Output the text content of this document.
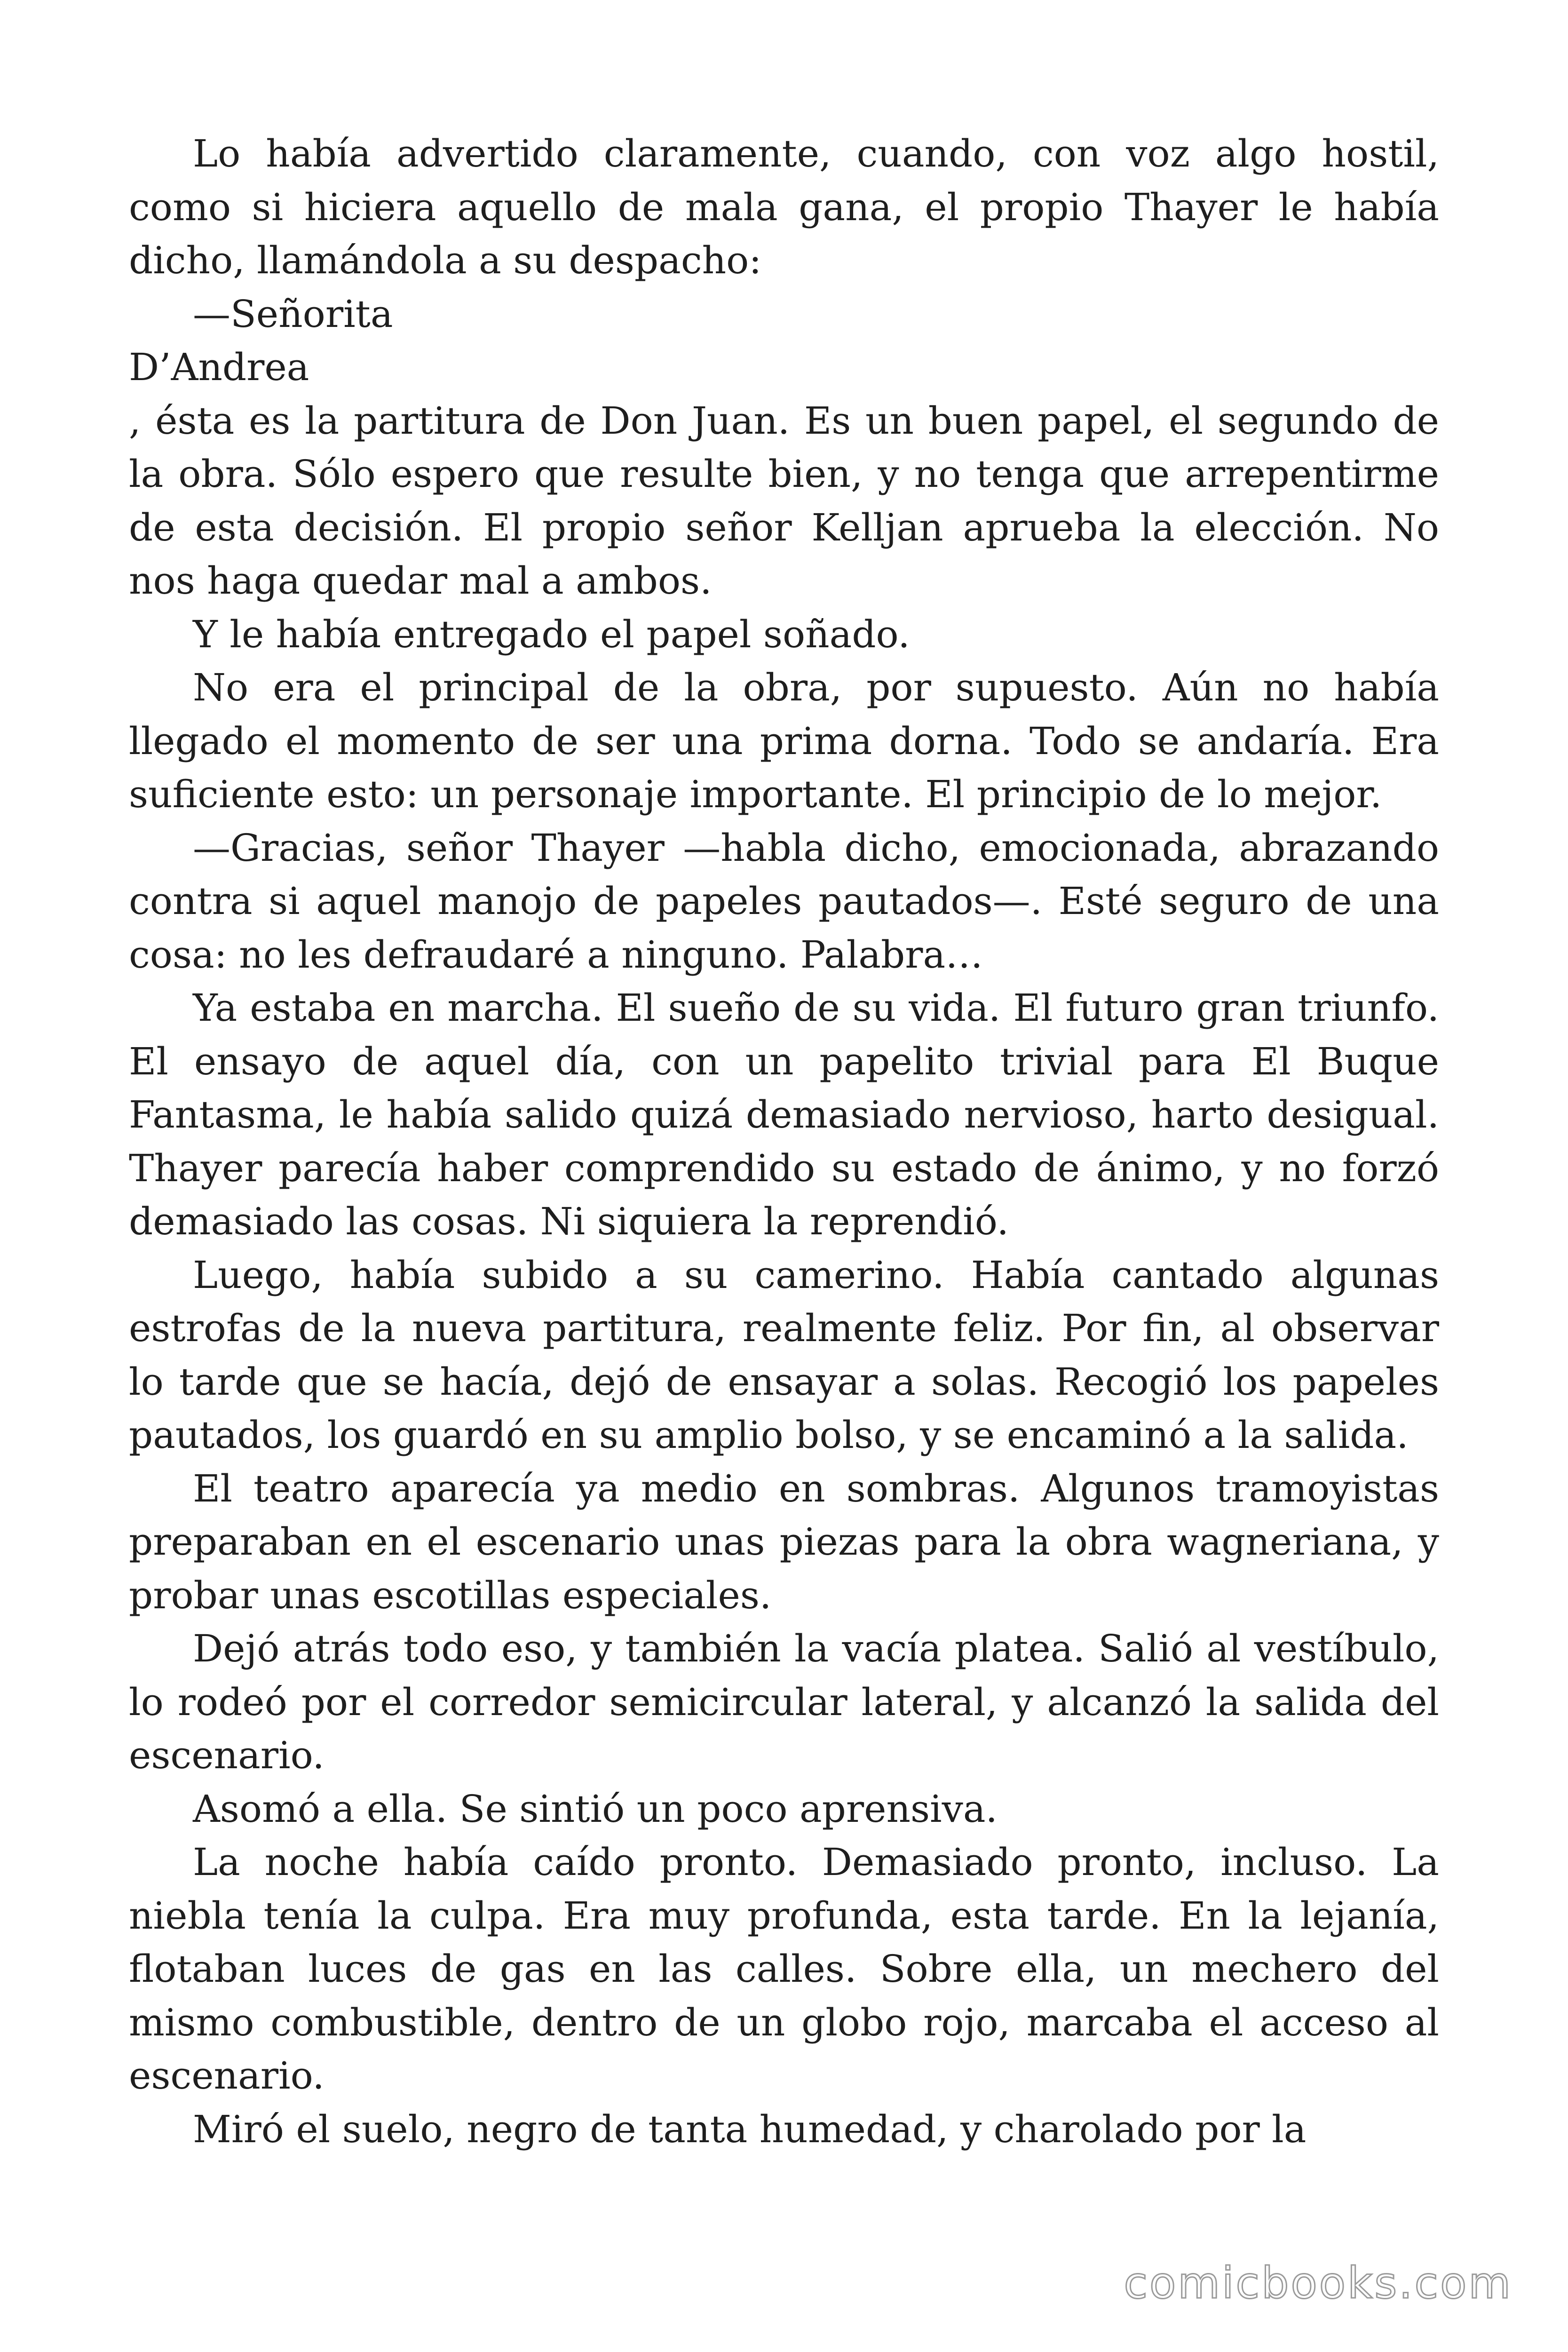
Lo había advertido claramente, cuando, con voz algo hostil, como si hiciera aquello de mala gana, el propio Thayer le había dicho, llamándola a su despacho:

—Señorita

D’Andrea

, ésta es la partitura de Don Juan. Es un buen papel, el segundo de la obra. Sólo espero que resulte bien, y no tenga que arrepentirme de esta decisión. El propio señor Kelljan aprueba la elección. No nos haga quedar mal a ambos.

Y le había entregado el papel soñado.

No era el principal de la obra, por supuesto. Aún no había llegado el momento de ser una prima dorna. Todo se andaría. Era suficiente esto: un personaje importante. El principio de lo mejor.

—Gracias, señor Thayer —habla dicho, emocionada, abrazando contra si aquel manojo de papeles pautados—. Esté seguro de una cosa: no les defraudaré a ninguno. Palabra…

Ya estaba en marcha. El sueño de su vida. El futuro gran triunfo. El ensayo de aquel día, con un papelito trivial para El Buque Fantasma, le había salido quizá demasiado nervioso, harto desigual. Thayer parecía haber comprendido su estado de ánimo, y no forzó demasiado las cosas. Ni siquiera la reprendió.

Luego, había subido a su camerino. Había cantado algunas estrofas de la nueva partitura, realmente feliz. Por fin, al observar lo tarde que se hacía, dejó de ensayar a solas. Recogió los papeles pautados, los guardó en su amplio bolso, y se encaminó a la salida.

El teatro aparecía ya medio en sombras. Algunos tramoyistas preparaban en el escenario unas piezas para la obra wagneriana, y probar unas escotillas especiales.

Dejó atrás todo eso, y también la vacía platea. Salió al vestíbulo, lo rodeó por el corredor semicircular lateral, y alcanzó la salida del escenario.

Asomó a ella. Se sintió un poco aprensiva.

La noche había caído pronto. Demasiado pronto, incluso. La niebla tenía la culpa. Era muy profunda, esta tarde. En la lejanía, flotaban luces de gas en las calles. Sobre ella, un mechero del mismo combustible, dentro de un globo rojo, marcaba el acceso al escenario.

Miró el suelo, negro de tanta humedad, y charolado por la

comicbooks.com
